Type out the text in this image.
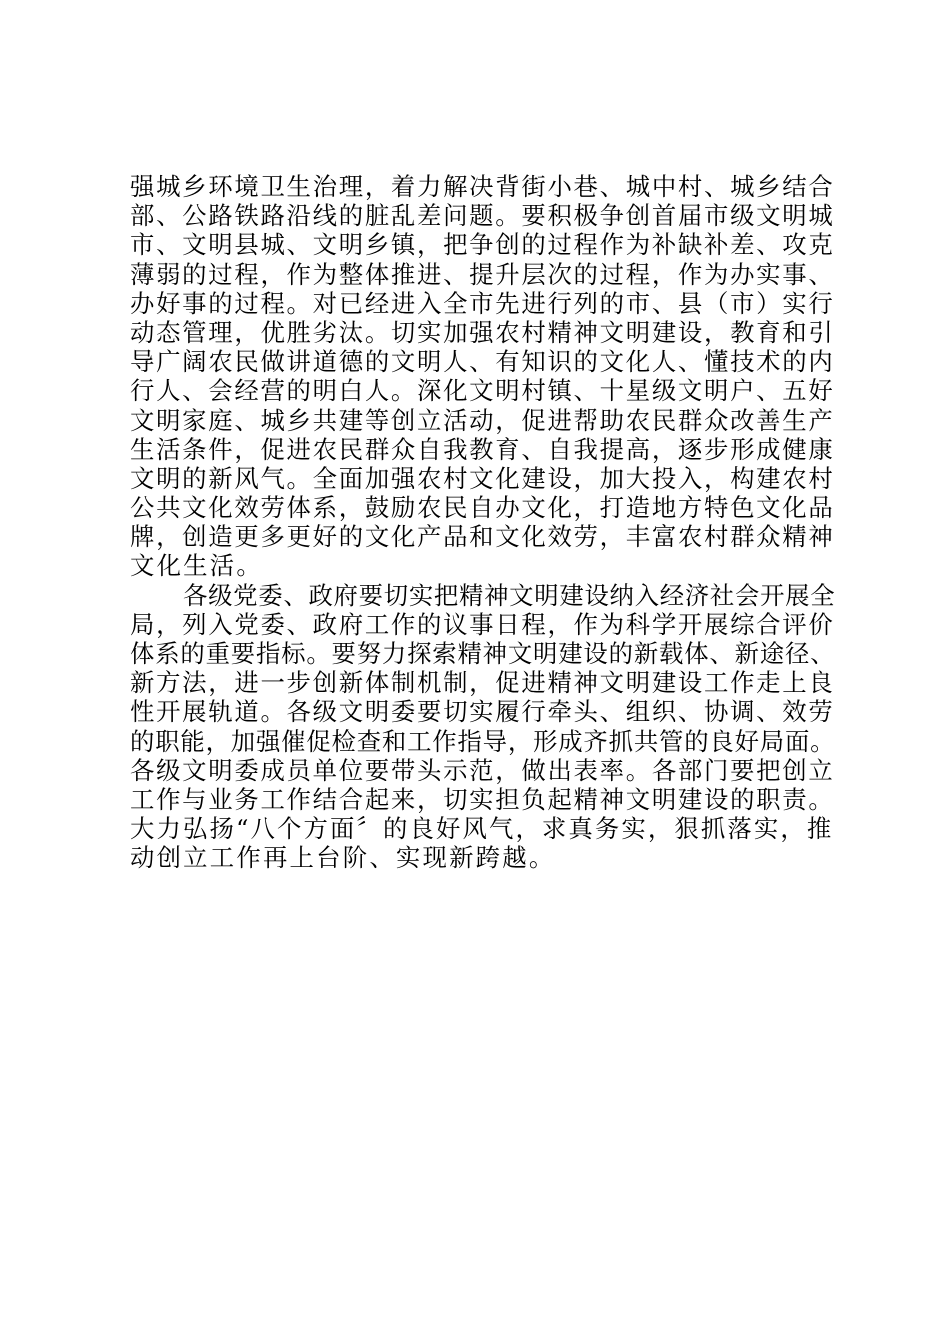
强城乡环境卫生治理，着力解决背街小巷、城中村、城乡结合
部、公路铁路沿线的脏乱差问题。要积极争创首届市级文明城
市、文明县城、文明乡镇，把争创的过程作为补缺补差、攻克
薄弱的过程，作为整体推进、提升层次的过程，作为办实事、
办好事的过程。对已经进入全市先进行列的市、县（市）实行
动态管理，优胜劣汰。切实加强农村精神文明建设，教育和引
导广阔农民做讲道德的文明人、有知识的文化人、懂技术的内
行人、会经营的明白人。深化文明村镇、十星级文明户、五好
文明家庭、城乡共建等创立活动，促进帮助农民群众改善生产
生活条件，促进农民群众自我教育、自我提高，逐步形成健康
文明的新风气。全面加强农村文化建设，加大投入，构建农村
公共文化效劳体系，鼓励农民自办文化，打造地方特色文化品
牌，创造更多更好的文化产品和文化效劳，丰富农村群众精神
文化生活。
各级党委、政府要切实把精神文明建设纳入经济社会开展全
局，列入党委、政府工作的议事日程，作为科学开展综合评价
体系的重要指标。要努力探索精神文明建设的新载体、新途径、
新方法，进一步创新体制机制，促进精神文明建设工作走上良
性开展轨道。各级文明委要切实履行牵头、组织、协调、效劳
的职能，加强催促检查和工作指导，形成齐抓共管的良好局面。
各级文明委成员单位要带头示范，做出表率。各部门要把创立
工作与业务工作结合起来，切实担负起精神文明建设的职责。
大力弘扬“八个方面〞的良好风气，求真务实，狠抓落实，推
动创立工作再上台阶、实现新跨越。
